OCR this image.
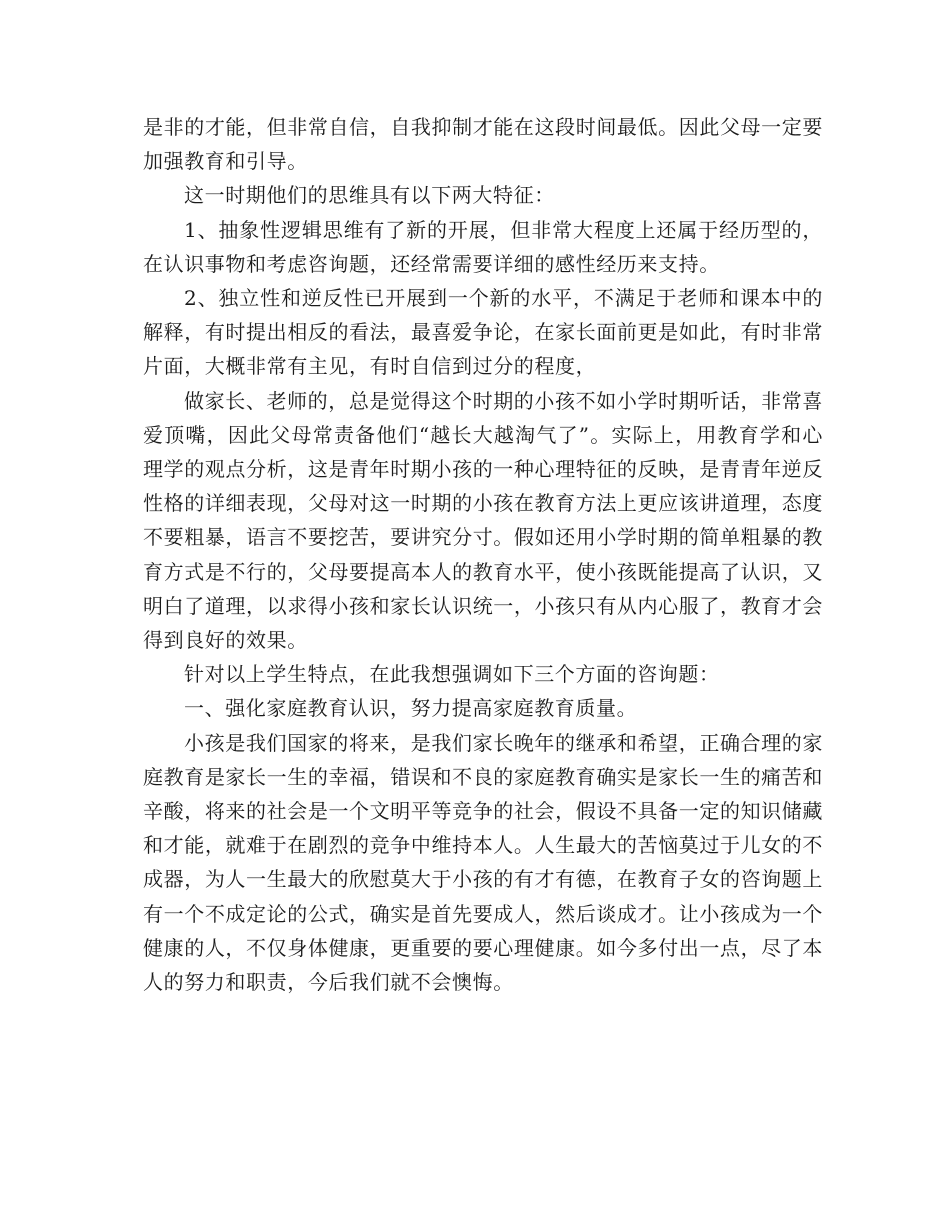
是非的才能，但非常自信，自我抑制才能在这段时间最低。因此父母一定要加强教育和引导。

这一时期他们的思维具有以下两大特征：

1、抽象性逻辑思维有了新的开展，但非常大程度上还属于经历型的，在认识事物和考虑咨询题，还经常需要详细的感性经历来支持。

2、独立性和逆反性已开展到一个新的水平，不满足于老师和课本中的解释，有时提出相反的看法，最喜爱争论，在家长面前更是如此，有时非常片面，大概非常有主见，有时自信到过分的程度，

做家长、老师的，总是觉得这个时期的小孩不如小学时期听话，非常喜爱顶嘴，因此父母常责备他们“越长大越淘气了”。实际上，用教育学和心理学的观点分析，这是青年时期小孩的一种心理特征的反映，是青青年逆反性格的详细表现，父母对这一时期的小孩在教育方法上更应该讲道理，态度不要粗暴，语言不要挖苦，要讲究分寸。假如还用小学时期的简单粗暴的教育方式是不行的，父母要提高本人的教育水平，使小孩既能提高了认识，又明白了道理，以求得小孩和家长认识统一，小孩只有从内心服了，教育才会得到良好的效果。

针对以上学生特点，在此我想强调如下三个方面的咨询题：

一、强化家庭教育认识，努力提高家庭教育质量。

小孩是我们国家的将来，是我们家长晚年的继承和希望，正确合理的家庭教育是家长一生的幸福，错误和不良的家庭教育确实是家长一生的痛苦和辛酸，将来的社会是一个文明平等竞争的社会，假设不具备一定的知识储藏和才能，就难于在剧烈的竞争中维持本人。人生最大的苦恼莫过于儿女的不成器，为人一生最大的欣慰莫大于小孩的有才有德，在教育子女的咨询题上有一个不成定论的公式，确实是首先要成人，然后谈成才。让小孩成为一个健康的人，不仅身体健康，更重要的要心理健康。如今多付出一点，尽了本人的努力和职责，今后我们就不会懊悔。
